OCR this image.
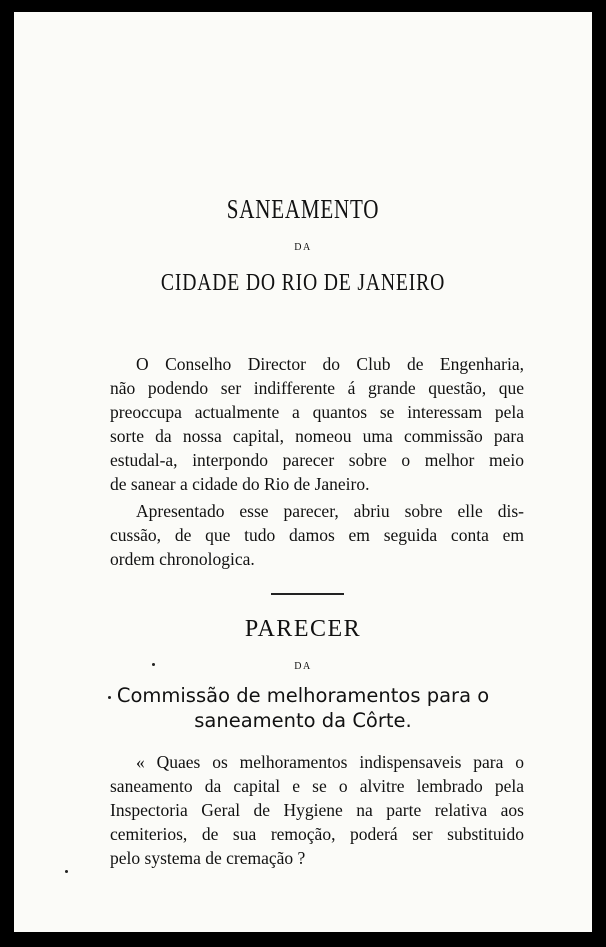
SANEAMENTO
DA
CIDADE DO RIO DE JANEIRO
O Conselho Director do Club de Engenharia,
não podendo ser indifferente á grande questão, que
preoccupa actualmente a quantos se interessam pela
sorte da nossa capital, nomeou uma commissão para
estudal-a, interpondo parecer sobre o melhor meio
de sanear a cidade do Rio de Janeiro.
Apresentado esse parecer, abriu sobre elle dis-
cussão, de que tudo damos em seguida conta em
ordem chronologica.
PARECER
DA
Commissão de melhoramentos para o
saneamento da Côrte.
« Quaes os melhoramentos indispensaveis para o
saneamento da capital e se o alvitre lembrado pela
Inspectoria Geral de Hygiene na parte relativa aos
cemiterios, de sua remoção, poderá ser substituido
pelo systema de cremação ?
